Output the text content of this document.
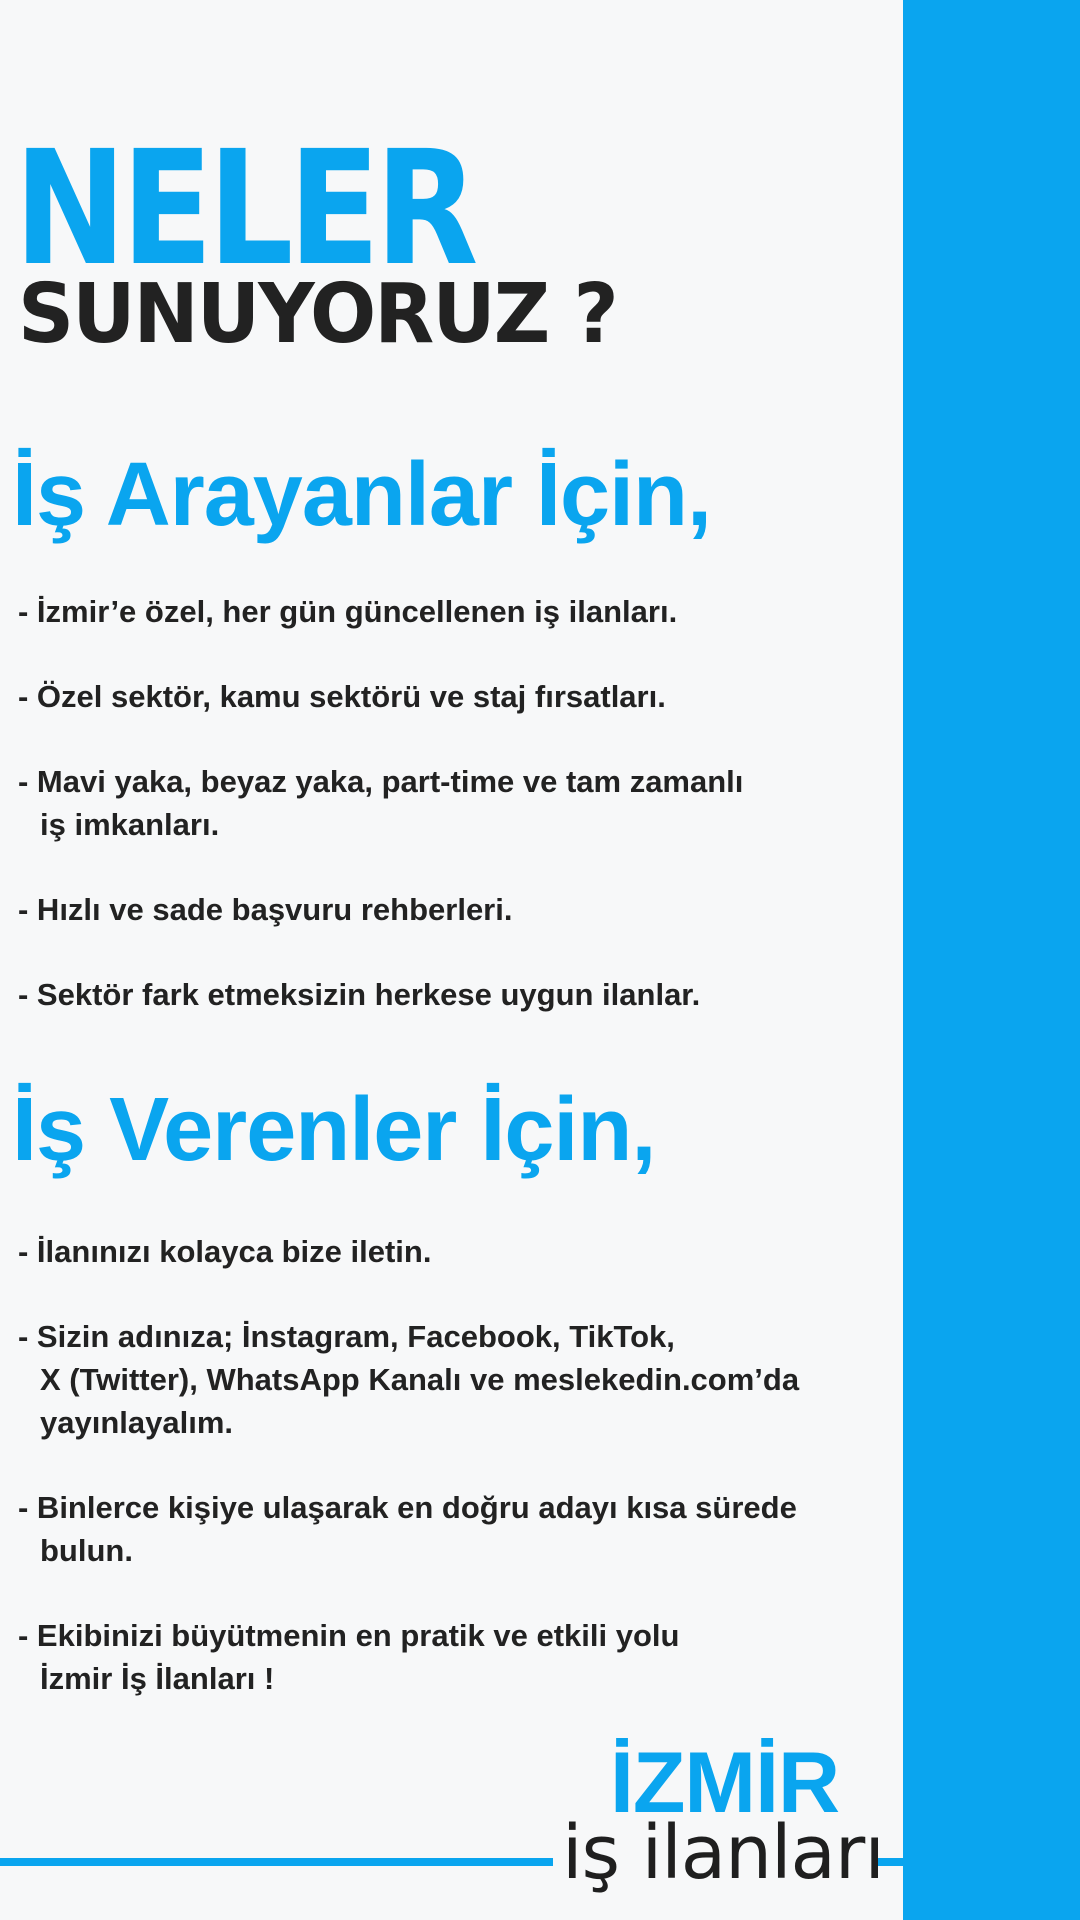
NELER
SUNUYORUZ ?
İş Arayanlar İçin,
- İzmir’e özel, her gün güncellenen iş ilanları.
- Özel sektör, kamu sektörü ve staj fırsatları.
- Mavi yaka, beyaz yaka, part-time ve tam zamanlı
iş imkanları.
- Hızlı ve sade başvuru rehberleri.
- Sektör fark etmeksizin herkese uygun ilanlar.
İş Verenler İçin,
- İlanınızı kolayca bize iletin.
- Sizin adınıza; İnstagram, Facebook, TikTok,
X (Twitter), WhatsApp Kanalı ve meslekedin.com’da
yayınlayalım.
- Binlerce kişiye ulaşarak en doğru adayı kısa sürede
bulun.
- Ekibinizi büyütmenin en pratik ve etkili yolu
İzmir İş İlanları !
İZMİR
iş ilanları
